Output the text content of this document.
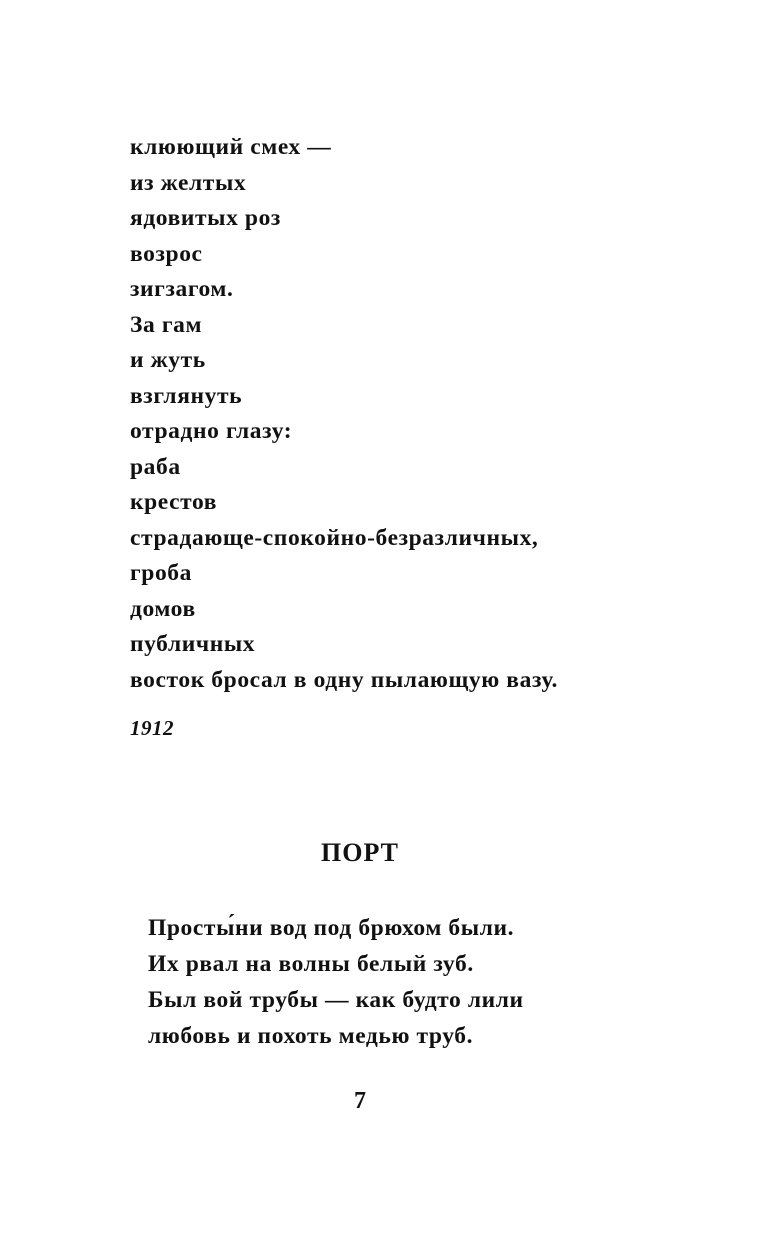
клюющий смех —
из желтых
ядовитых роз
возрос
зигзагом.
За гам
и жуть
взглянуть
отрадно глазу:
раба
крестов
страдающе-спокойно-безразличных,
гроба
домов
публичных
восток бросал в одну пылающую вазу.
1912
ПОРТ
Просты́ни вод под брюхом были.
Их рвал на волны белый зуб.
Был вой трубы — как будто лили
любовь и похоть медью труб.
7
